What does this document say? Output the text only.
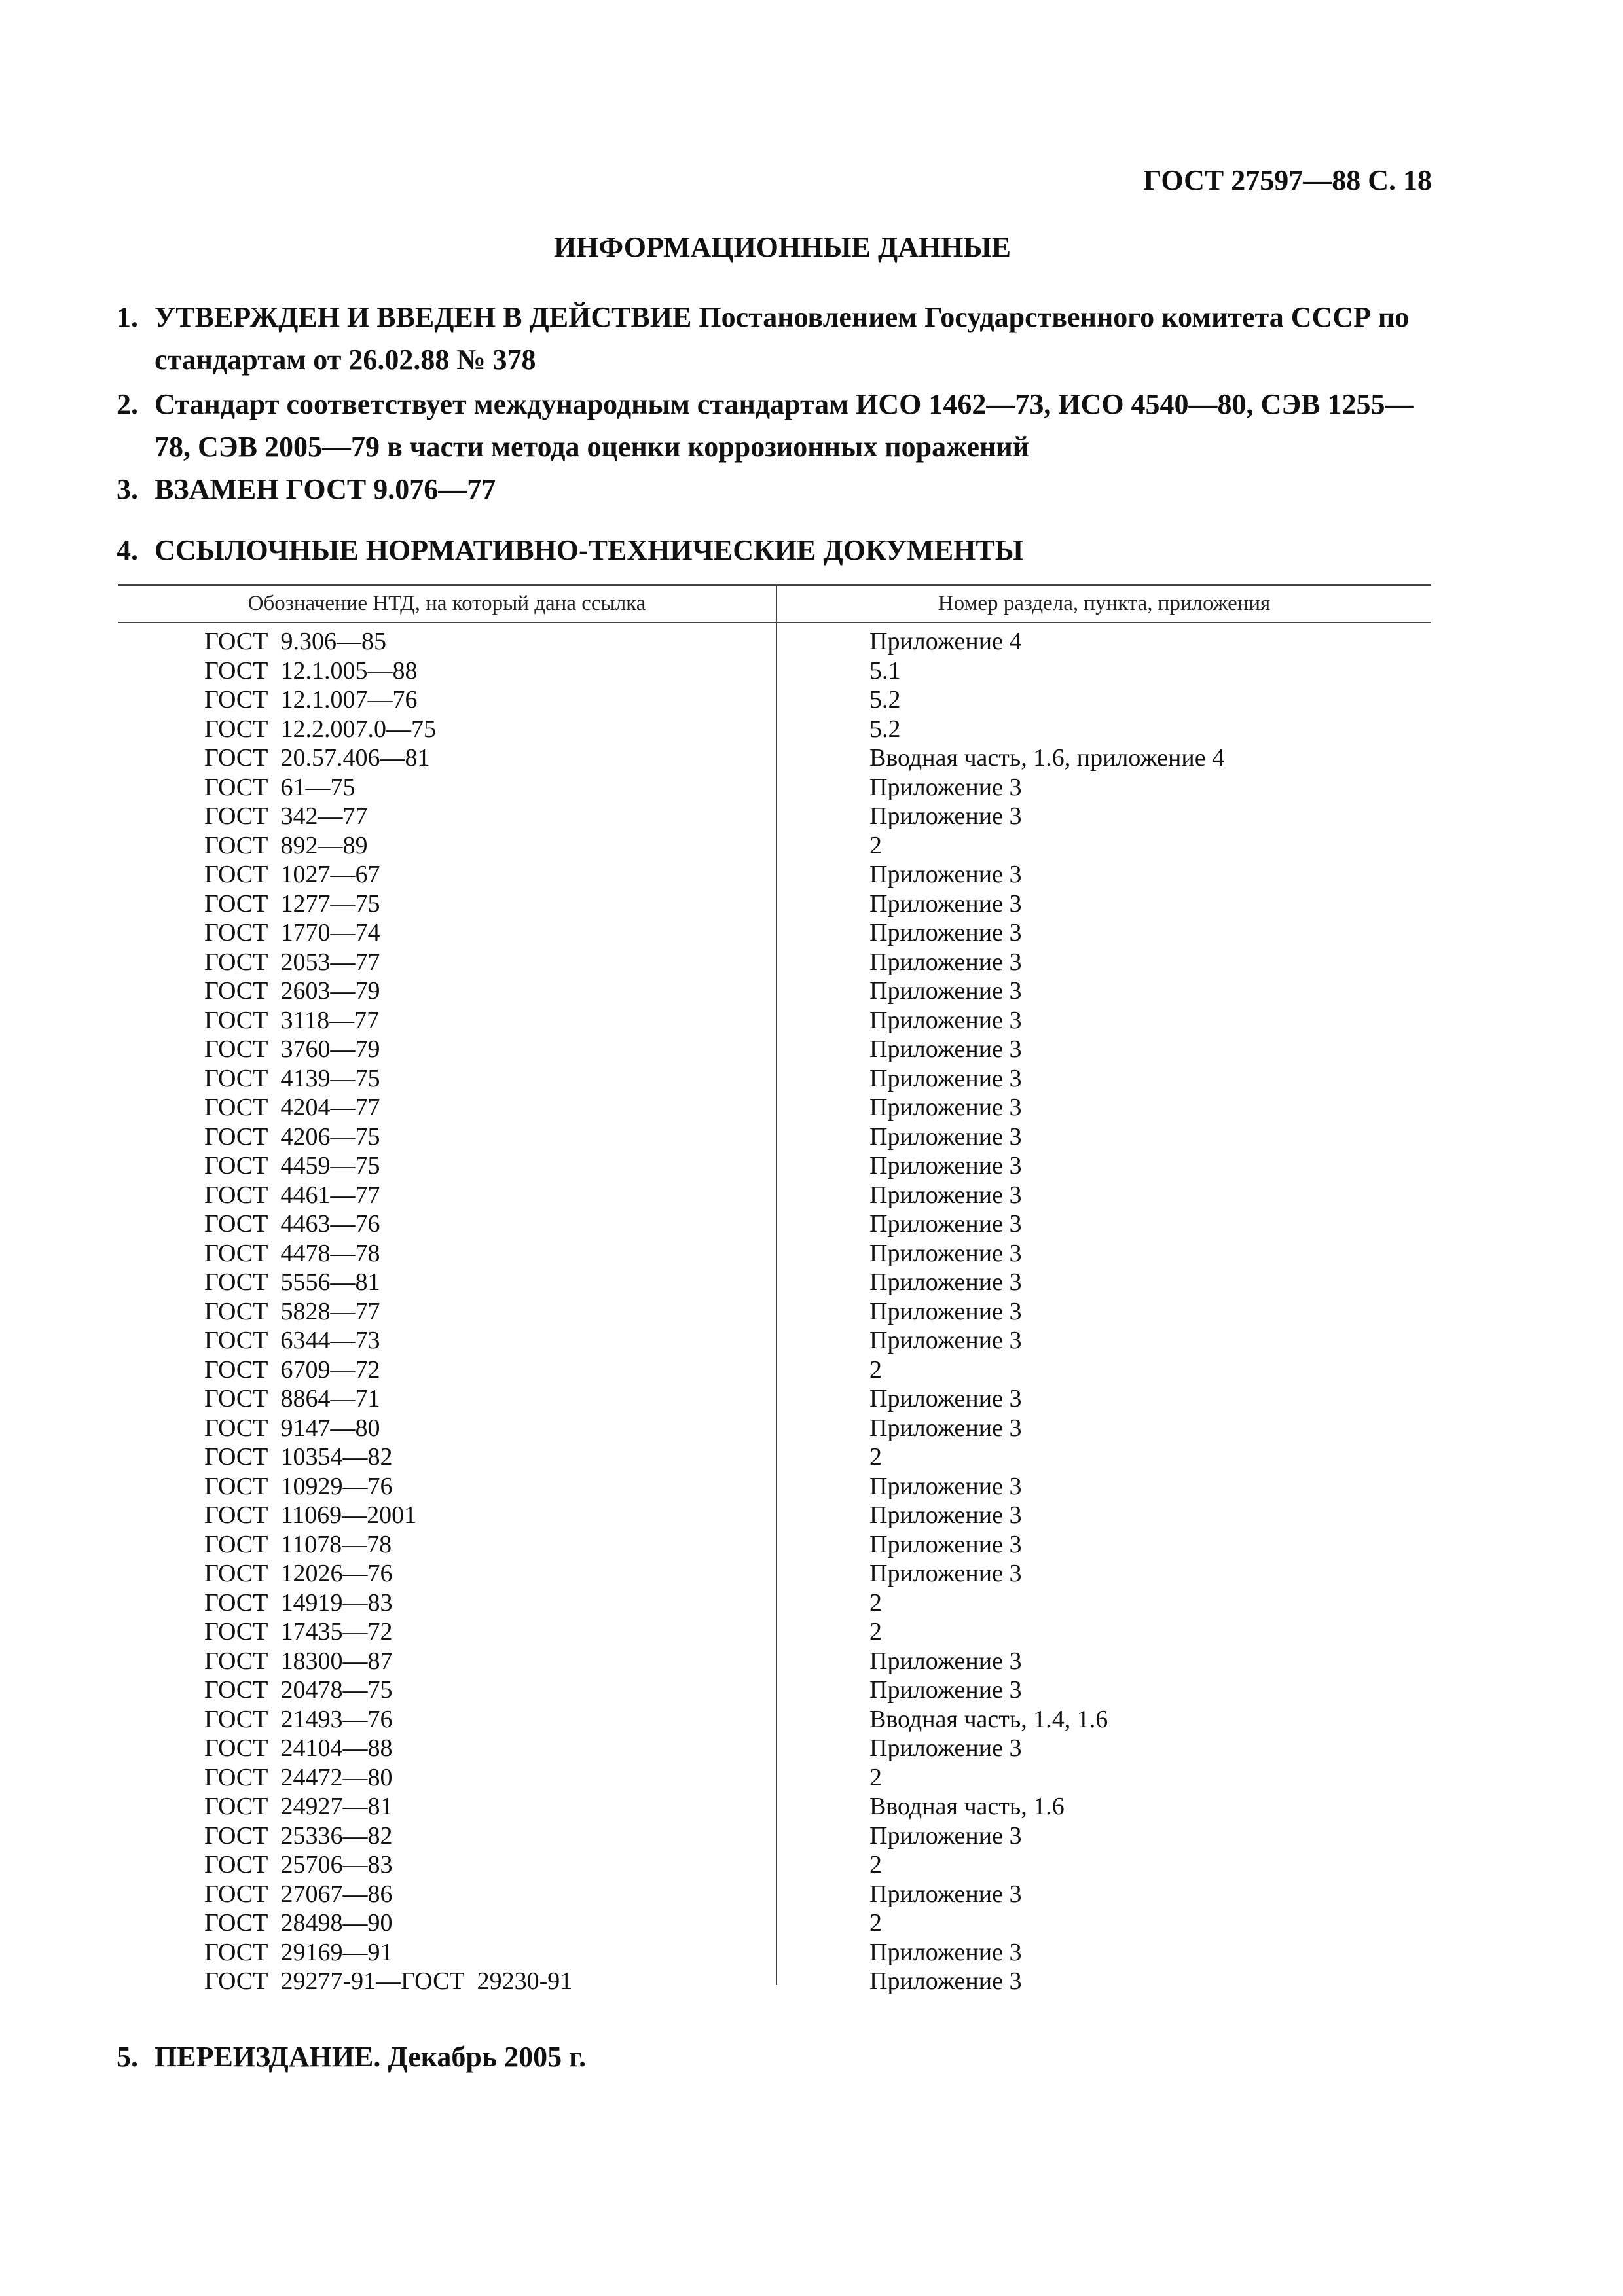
ГОСТ 27597—88 С. 18
ИНФОРМАЦИОННЫЕ ДАННЫЕ
1. УТВЕРЖДЕН И ВВЕДЕН В ДЕЙСТВИЕ Постановлением Государственного комитета СССР по стандартам от 26.02.88 № 378
2. Стандарт соответствует международным стандартам ИСО 1462—73, ИСО 4540—80, СЭВ 1255—78, СЭВ 2005—79 в части метода оценки коррозионных поражений
3. ВЗАМЕН ГОСТ 9.076—77
4. ССЫЛОЧНЫЕ НОРМАТИВНО-ТЕХНИЧЕСКИЕ ДОКУМЕНТЫ
Обозначение НТД, на который дана ссылка	Номер раздела, пункта, приложения
ГОСТ  9.306—85	Приложение 4
ГОСТ  12.1.005—88	5.1
ГОСТ  12.1.007—76	5.2
ГОСТ  12.2.007.0—75	5.2
ГОСТ  20.57.406—81	Вводная часть, 1.6, приложение 4
ГОСТ  61—75	Приложение 3
ГОСТ  342—77	Приложение 3
ГОСТ  892—89	2
ГОСТ  1027—67	Приложение 3
ГОСТ  1277—75	Приложение 3
ГОСТ  1770—74	Приложение 3
ГОСТ  2053—77	Приложение 3
ГОСТ  2603—79	Приложение 3
ГОСТ  3118—77	Приложение 3
ГОСТ  3760—79	Приложение 3
ГОСТ  4139—75	Приложение 3
ГОСТ  4204—77	Приложение 3
ГОСТ  4206—75	Приложение 3
ГОСТ  4459—75	Приложение 3
ГОСТ  4461—77	Приложение 3
ГОСТ  4463—76	Приложение 3
ГОСТ  4478—78	Приложение 3
ГОСТ  5556—81	Приложение 3
ГОСТ  5828—77	Приложение 3
ГОСТ  6344—73	Приложение 3
ГОСТ  6709—72	2
ГОСТ  8864—71	Приложение 3
ГОСТ  9147—80	Приложение 3
ГОСТ  10354—82	2
ГОСТ  10929—76	Приложение 3
ГОСТ  11069—2001	Приложение 3
ГОСТ  11078—78	Приложение 3
ГОСТ  12026—76	Приложение 3
ГОСТ  14919—83	2
ГОСТ  17435—72	2
ГОСТ  18300—87	Приложение 3
ГОСТ  20478—75	Приложение 3
ГОСТ  21493—76	Вводная часть, 1.4, 1.6
ГОСТ  24104—88	Приложение 3
ГОСТ  24472—80	2
ГОСТ  24927—81	Вводная часть, 1.6
ГОСТ  25336—82	Приложение 3
ГОСТ  25706—83	2
ГОСТ  27067—86	Приложение 3
ГОСТ  28498—90	2
ГОСТ  29169—91	Приложение 3
ГОСТ  29277-91—ГОСТ  29230-91	Приложение 3
5. ПЕРЕИЗДАНИЕ. Декабрь 2005 г.
